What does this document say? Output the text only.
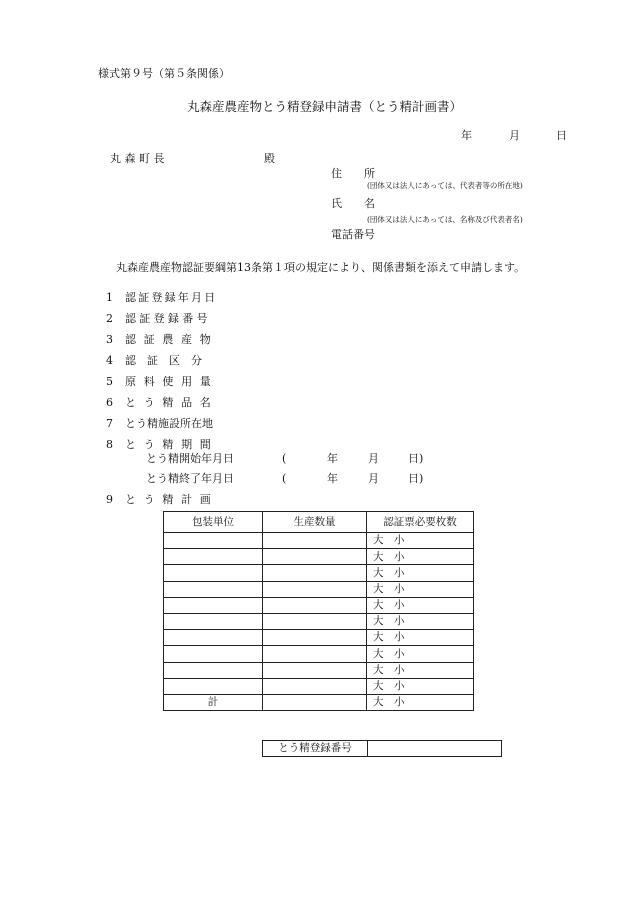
様式第９号（第５条関係）
丸森産農産物とう精登録申請書（とう精計画書）
年	月	日
丸 森 町 長	殿
住　　所
(団体又は法人にあっては、代表者等の所在地)
氏　　名
(団体又は法人にあっては、名称及び代表者名)
電話番号
丸森産農産物認証要綱第13条第１項の規定により、関係書類を添えて申請します。
1 認証登録年月日
2 認証登録番号
3 認証農産物
4 認　証　区　分
5 原料使用量
6 とう精品名
7 とう精施設所在地
8 とう精期間
9 とう精計画
とう精開始年月日	(	年	月	日)
とう精終了年月日	(	年	月	日)
包装単位	生産数量	認証票必要枚数
		大　小
		大　小
		大　小
		大　小
		大　小
		大　小
		大　小
		大　小
		大　小
		大　小
計		大　小
とう精登録番号	
